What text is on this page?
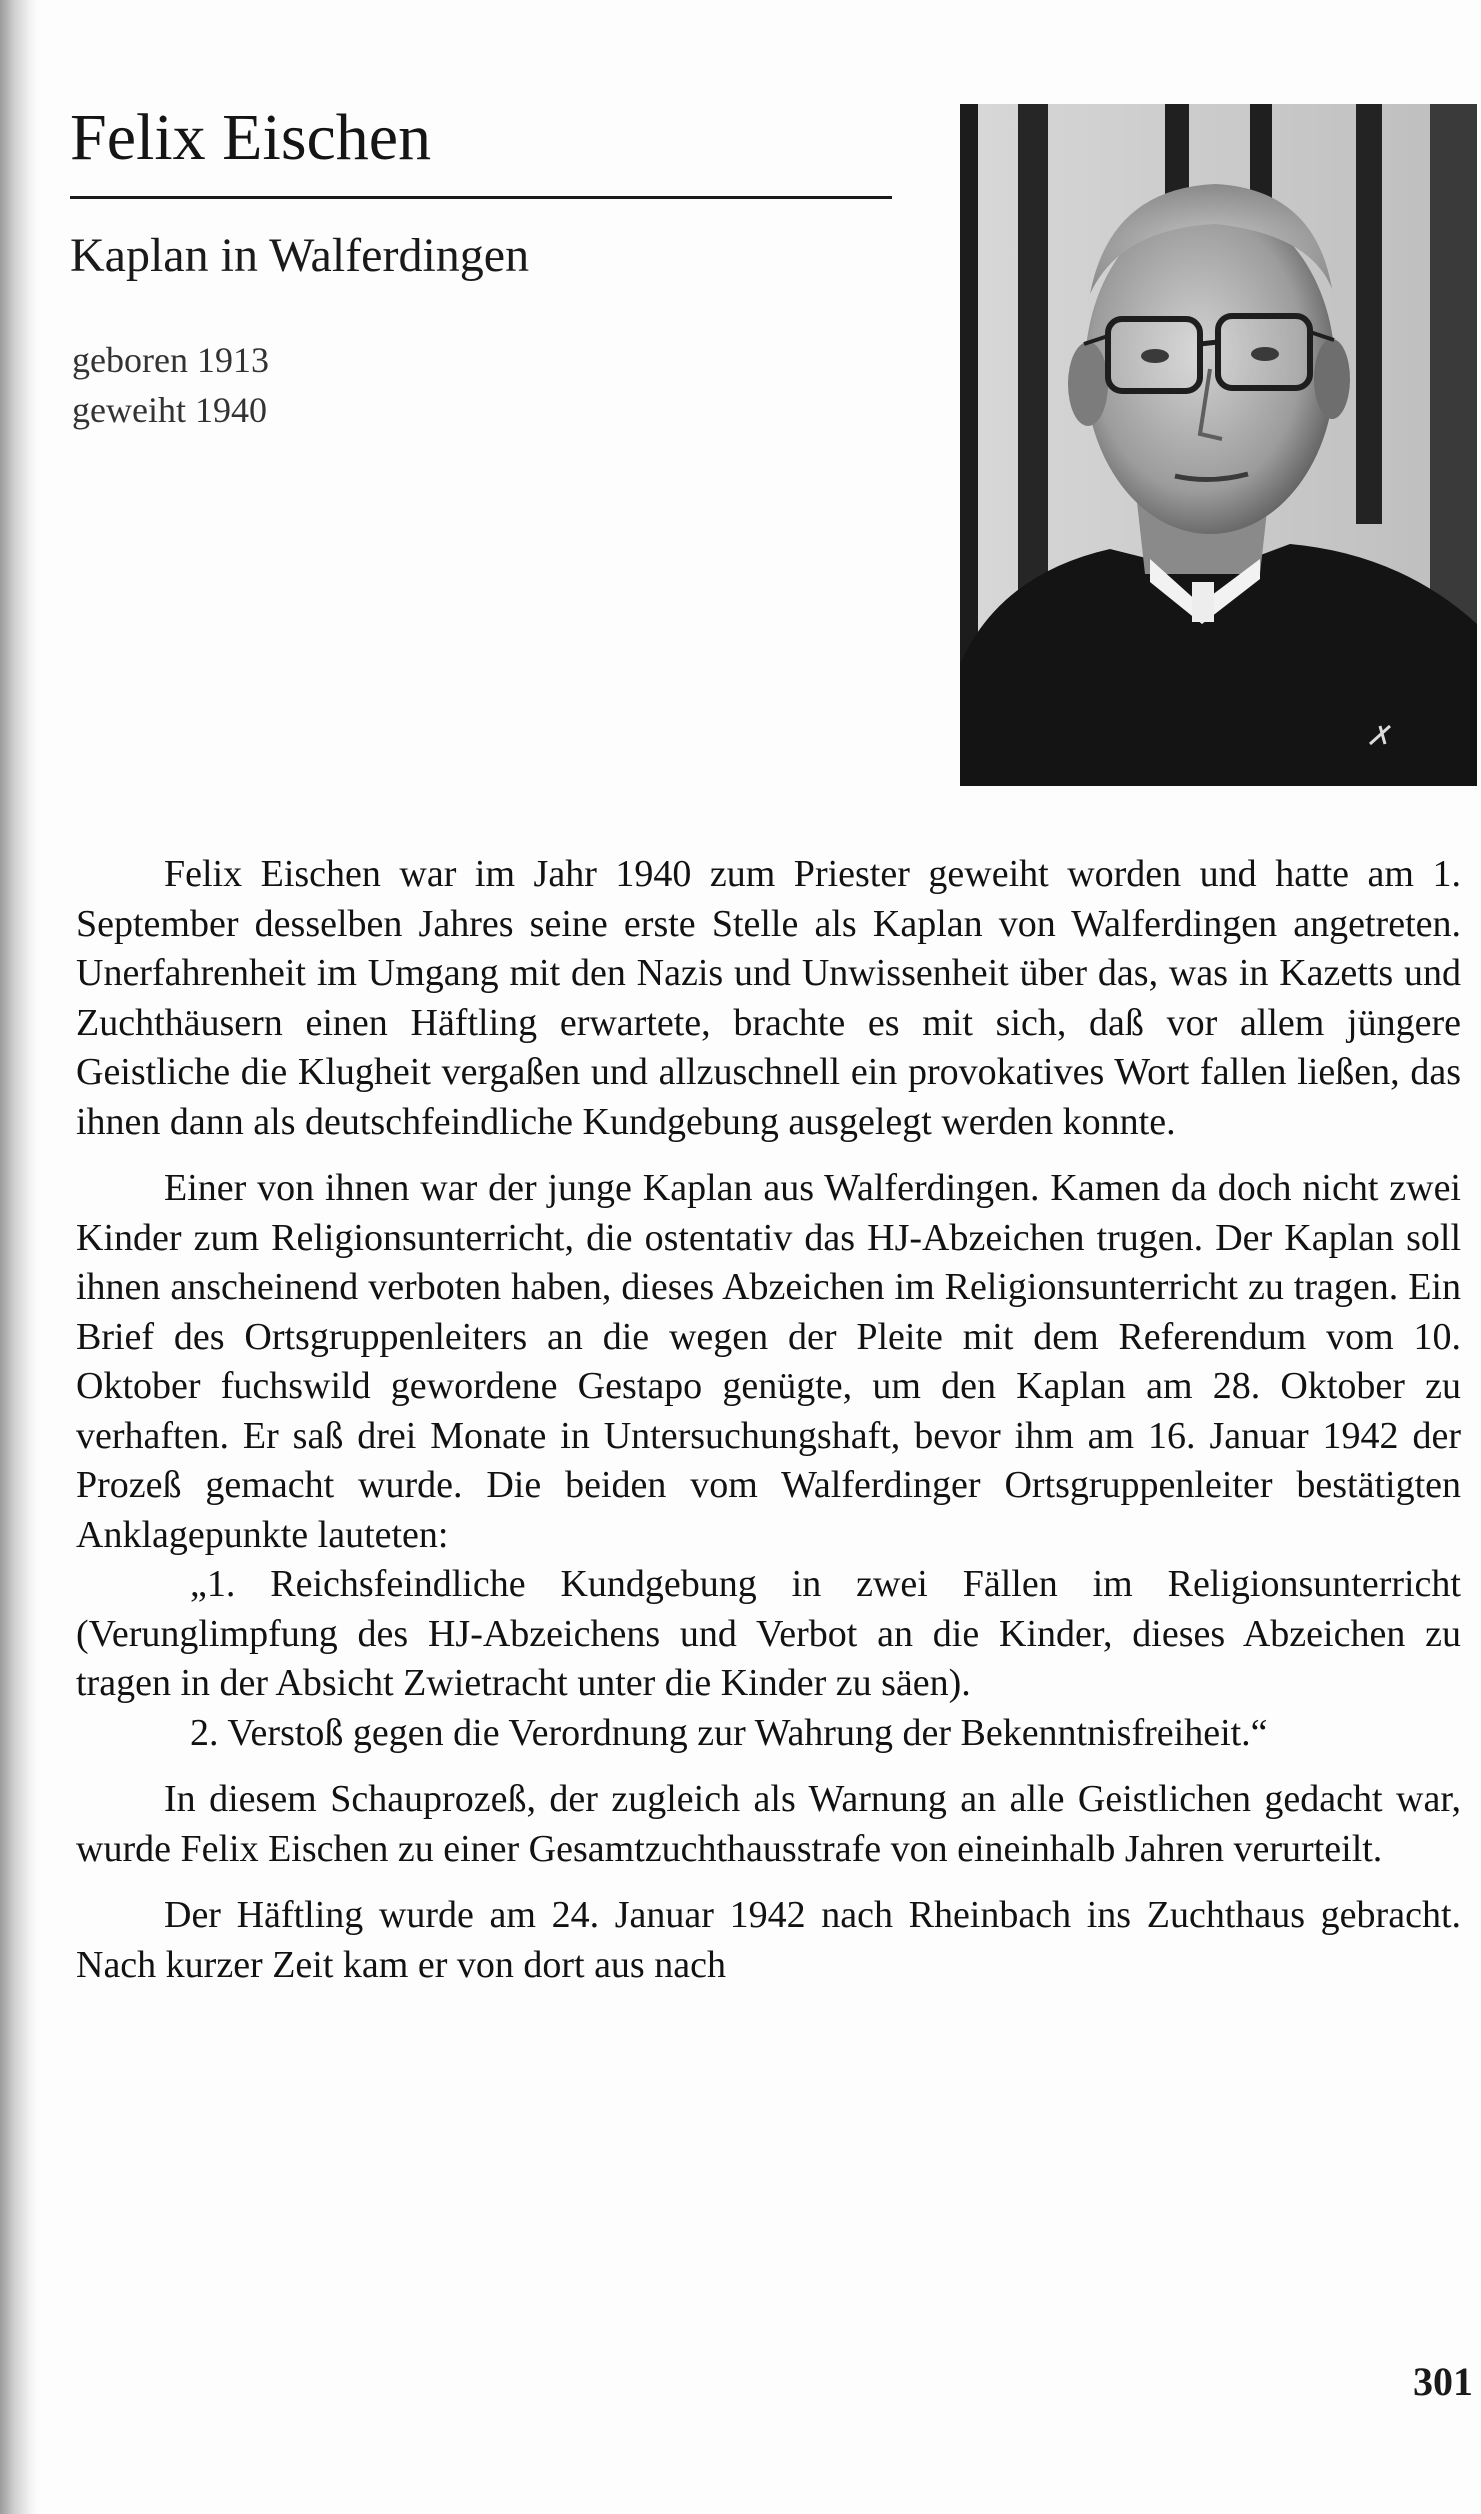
Felix Eischen
Kaplan in Walferdingen
geboren 1913
geweiht 1940

Felix Eischen war im Jahr 1940 zum Priester geweiht worden und hatte am 1. September desselben Jahres seine erste Stelle als Kaplan von Walferdingen angetreten. Unerfahrenheit im Umgang mit den Nazis und Unwissenheit über das, was in Kazetts und Zuchthäusern einen Häftling erwartete, brachte es mit sich, daß vor allem jüngere Geistliche die Klugheit vergaßen und allzuschnell ein provokatives Wort fallen ließen, das ihnen dann als deutschfeindliche Kundgebung ausgelegt werden konnte.

Einer von ihnen war der junge Kaplan aus Walferdingen. Kamen da doch nicht zwei Kinder zum Religionsunterricht, die ostentativ das HJ-Abzeichen trugen. Der Kaplan soll ihnen anscheinend verboten haben, dieses Abzeichen im Religionsunterricht zu tragen. Ein Brief des Ortsgruppenleiters an die wegen der Pleite mit dem Referendum vom 10. Oktober fuchswild gewordene Gestapo genügte, um den Kaplan am 28. Oktober zu verhaften. Er saß drei Monate in Untersuchungshaft, bevor ihm am 16. Januar 1942 der Prozeß gemacht wurde. Die beiden vom Walferdinger Ortsgruppenleiter bestätigten Anklagepunkte lauteten:

„1. Reichsfeindliche Kundgebung in zwei Fällen im Religionsunterricht (Verunglimpfung des HJ-Abzeichens und Verbot an die Kinder, dieses Abzeichen zu tragen in der Absicht Zwietracht unter die Kinder zu säen).

2. Verstoß gegen die Verordnung zur Wahrung der Bekenntnisfreiheit.“

In diesem Schauprozeß, der zugleich als Warnung an alle Geistlichen gedacht war, wurde Felix Eischen zu einer Gesamtzuchthausstrafe von eineinhalb Jahren verurteilt.

Der Häftling wurde am 24. Januar 1942 nach Rheinbach ins Zuchthaus gebracht. Nach kurzer Zeit kam er von dort aus nach

301
